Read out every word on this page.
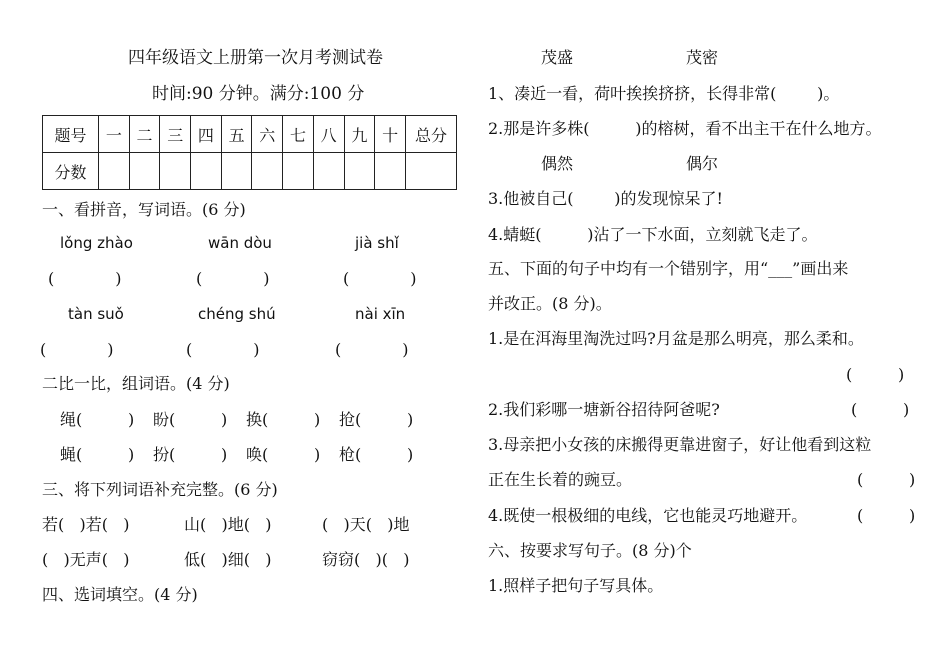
四年级语文上册第一次月考测试卷
时间:90 分钟。满分:100 分
题号	一	二	三	四	五	六	七	八	九	十	总分
分数											
一、看拼音，写词语。(6 分)
lǒng zhào	wān dòu	jià shǐ
(            )	(            )	(            )
tàn suǒ	chéng shú	nài xīn
(            )	(            )	(            )
二比一比，组词语。(4 分)
绳(         ) 盼(         ) 换(         ) 抢(         )
蝇(         ) 扮(         ) 唤(         ) 枪(         )
三、将下列词语补充完整。(6 分)
若(   )若(   )	山(   )地(   )	(   )天(   )地
(   )无声(   )	低(   )细(   )	窃窃(   )(   )
四、选词填空。(4 分)
茂盛	茂密
1、凑近一看，荷叶挨挨挤挤，长得非常(        )。
2.那是许多株(         )的榕树，看不出主干在什么地方。
偶然	偶尔
3.他被自己(        )的发现惊呆了!
4.蜻蜓(         )沾了一下水面，立刻就飞走了。
五、下面的句子中均有一个错别字，用“___”画出来
并改正。(8 分)。
1.是在洱海里淘洗过吗?月盆是那么明亮，那么柔和。
(         )
2.我们彩哪一塘新谷招待阿爸呢?	(         )
3.母亲把小女孩的床搬得更靠进窗子，好让他看到这粒
正在生长着的豌豆。	(         )
4.既使一根极细的电线，它也能灵巧地避开。	(         )
六、按要求写句子。(8 分)个
1.照样子把句子写具体。
